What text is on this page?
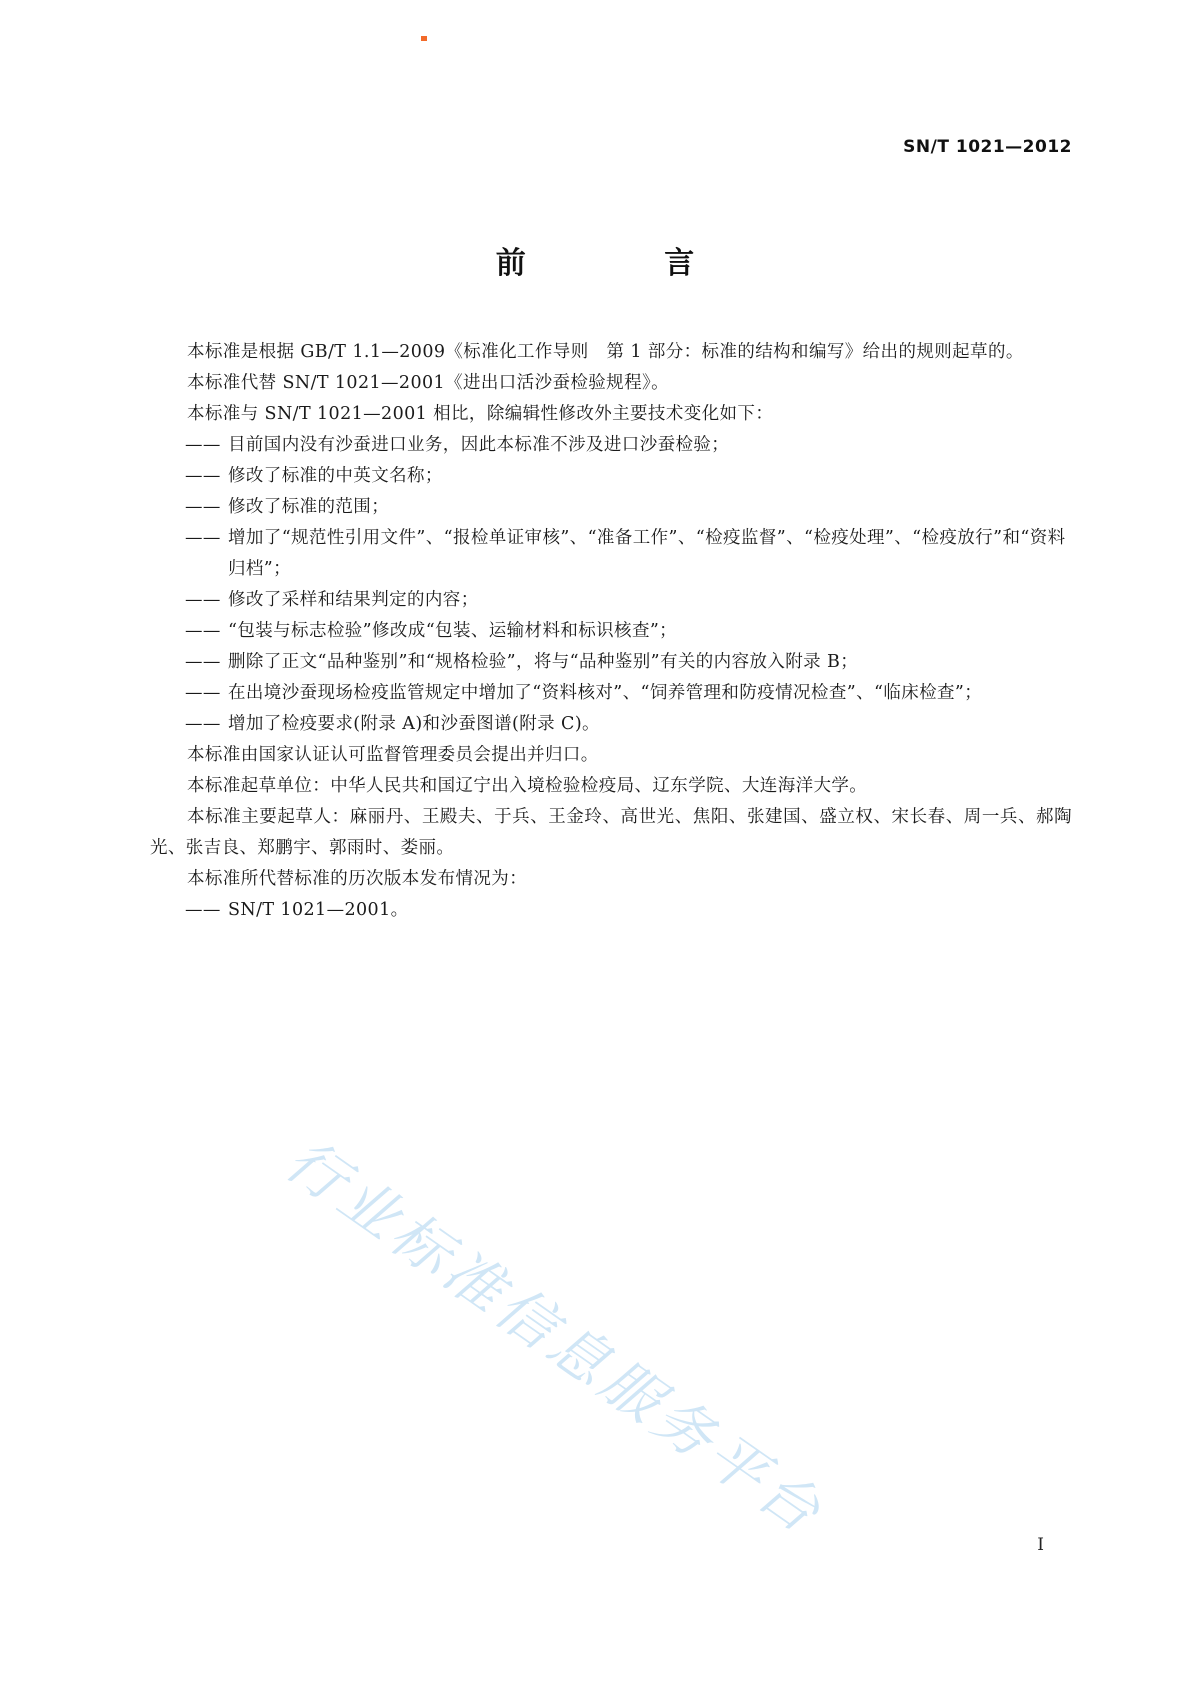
SN/T 1021—2012
前 言

本标准是根据 GB/T 1.1—2009《标准化工作导则　第 1 部分：标准的结构和编写》给出的规则起草的。

本标准代替 SN/T 1021—2001《进出口活沙蚕检验规程》。

本标准与 SN/T 1021—2001 相比，除编辑性修改外主要技术变化如下：

—— 目前国内没有沙蚕进口业务，因此本标准不涉及进口沙蚕检验；

—— 修改了标准的中英文名称；

—— 修改了标准的范围；

—— 增加了“规范性引用文件”、“报检单证审核”、“准备工作”、“检疫监督”、“检疫处理”、“检疫放行”和“资料归档”；

—— 修改了采样和结果判定的内容；

—— “包装与标志检验”修改成“包装、运输材料和标识核查”；

—— 删除了正文“品种鉴别”和“规格检验”，将与“品种鉴别”有关的内容放入附录 B；

—— 在出境沙蚕现场检疫监管规定中增加了“资料核对”、“饲养管理和防疫情况检查”、“临床检查”；

—— 增加了检疫要求(附录 A)和沙蚕图谱(附录 C)。

本标准由国家认证认可监督管理委员会提出并归口。

本标准起草单位：中华人民共和国辽宁出入境检验检疫局、辽东学院、大连海洋大学。

本标准主要起草人：麻丽丹、王殿夫、于兵、王金玲、高世光、焦阳、张建国、盛立权、宋长春、周一兵、郝陶光、张吉良、郑鹏宇、郭雨时、娄丽。

本标准所代替标准的历次版本发布情况为：

—— SN/T 1021—2001。

行业标准信息服务平台	I
